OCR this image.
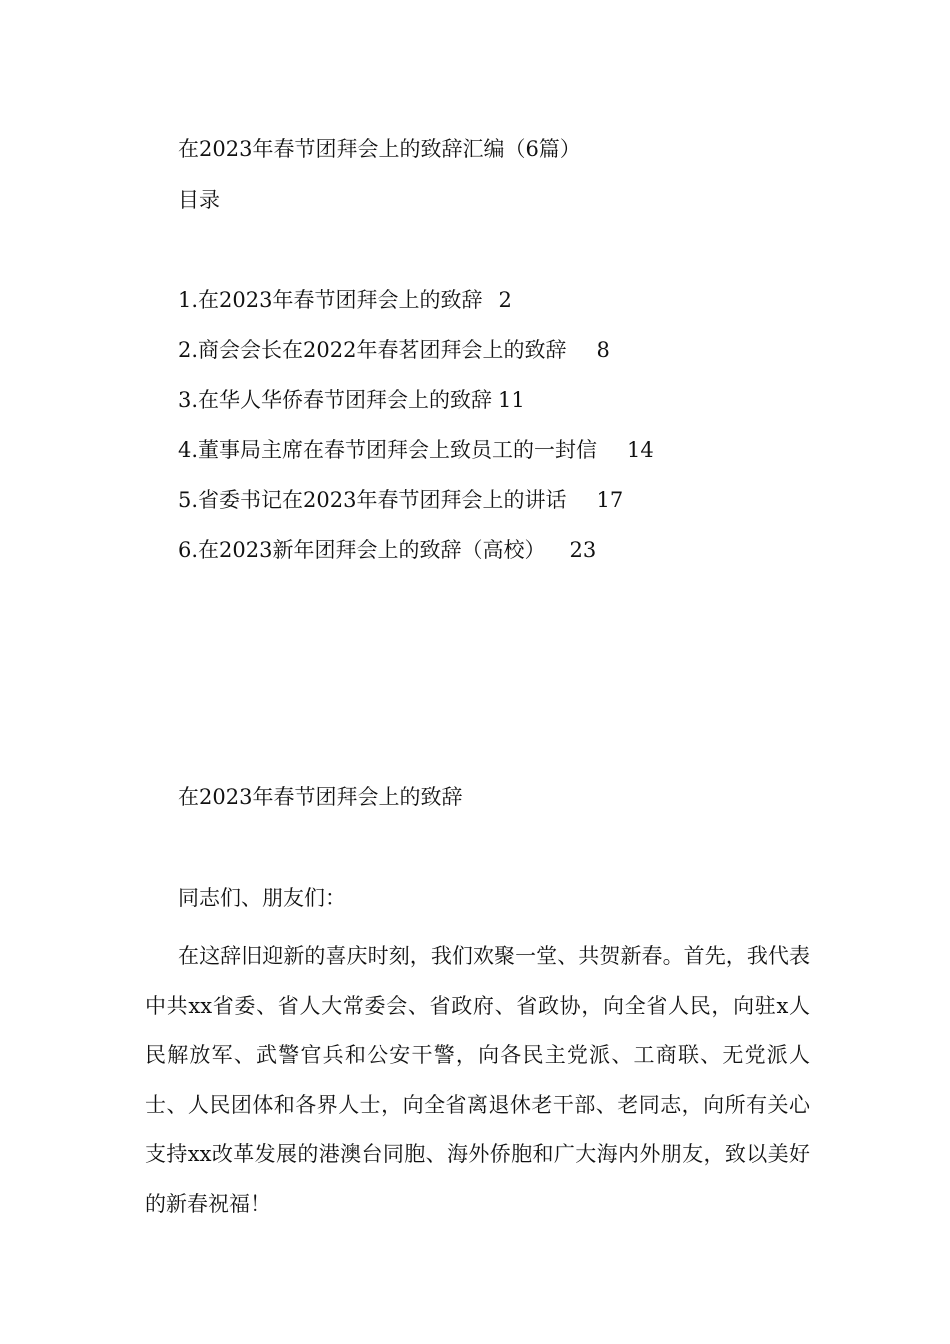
在2023年春节团拜会上的致辞汇编（6篇）
目录
1.在2023年春节团拜会上的致辞 2
2.商会会长在2022年春茗团拜会上的致辞 8
3.在华人华侨春节团拜会上的致辞 11
4.董事局主席在春节团拜会上致员工的一封信 14
5.省委书记在2023年春节团拜会上的讲话 17
6.在2023新年团拜会上的致辞（高校） 23
在2023年春节团拜会上的致辞
同志们、朋友们：
在这辞旧迎新的喜庆时刻，我们欢聚一堂、共贺新春。首先，我代表中共xx省委、省人大常委会、省政府、省政协，向全省人民，向驻x人民解放军、武警官兵和公安干警，向各民主党派、工商联、无党派人士、人民团体和各界人士，向全省离退休老干部、老同志，向所有关心支持xx改革发展的港澳台同胞、海外侨胞和广大海内外朋友，致以美好的新春祝福！
